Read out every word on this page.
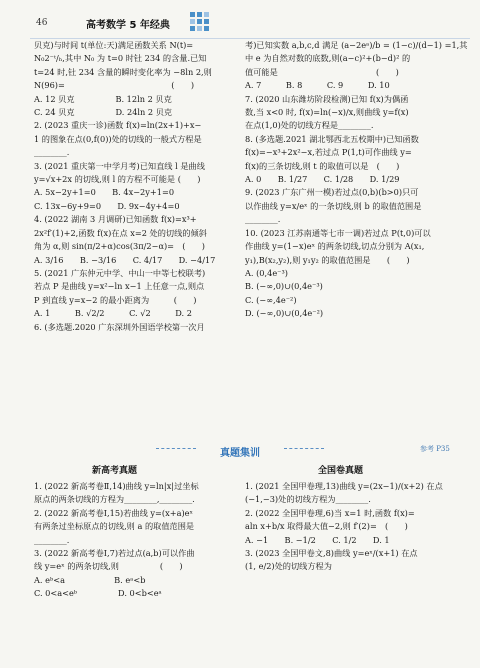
46	高考数学 5 年经典
贝克)与时间 t(单位:天)满足函数关系 N(t)=
N₀2⁻ᵗ/ₕ,其中 N₀ 为 t=0 时钍 234 的含量.已知
t=24 时,钍 234 含量的瞬时变化率为 −8ln 2,则
N(96)=　　　　　　　　　　　　　(　　)
A. 12 贝克　　　　　B. 12ln 2 贝克
C. 24 贝克　　　　　D. 24ln 2 贝克
2. (2023 重庆一诊)函数 f(x)=ln(2x+1)+x−
1 的图象在点(0,f(0))处的切线的一般式方程是
________.
3. (2021 重庆第一中学月考)已知直线 l 是曲线
y=√x+2x 的切线,则 l 的方程不可能是 (　　)
A. 5x−2y+1=0　　B. 4x−2y+1=0
C. 13x−6y+9=0　　D. 9x−4y+4=0
4. (2022 湖南 3 月调研)已知函数 f(x)=x³+
2x²f′(1)+2,函数 f(x)在点 x=2 处的切线的倾斜
角为 α,则 sin(π/2+α)cos(3π/2−α)=　(　　)
A. 3/16　　B. −3/16　　C. 4/17　　D. −4/17
5. (2021 广东仲元中学、中山一中等七校联考)
若点 P 是曲线 y=x²−ln x−1 上任意一点,则点
P 到直线 y=x−2 的最小距离为　　　(　　)
A. 1　　　B. √2/2　　　C. √2　　　D. 2
6. (多选题.2020 广东深圳外国语学校第一次月
考)已知实数 a,b,c,d 满足 (a−2eᵃ)/b = (1−c)/(d−1) =1,其
中 e 为自然对数的底数,则(a−c)²+(b−d)² 的
值可能是　　　　　　　　　　　　(　　)
A. 7　　　B. 8　　　C. 9　　　D. 10
7. (2020 山东潍坊阶段检测)已知 f(x)为偶函
数,当 x<0 时, f(x)=ln(−x)/x,则曲线 y=f(x)
在点(1,0)处的切线方程是________.
8. (多选题.2021 湖北鄂西北五校期中)已知函数
f(x)=−x³+2x²−x,若过点 P(1,t)可作曲线 y=
f(x)的三条切线,则 t 的取值可以是　(　　)
A. 0　　B. 1/27　　C. 1/28　　D. 1/29
9. (2023 广东广州一模)若过点(0,b)(b>0)只可
以作曲线 y=x/eˣ 的一条切线,则 b 的取值范围是
________.
10. (2023 江苏南通等七市一调)若过点 P(t,0)可以
作曲线 y=(1−x)eˣ 的两条切线,切点分别为 A(x₁,
y₁),B(x₂,y₂),则 y₁y₂ 的取值范围是　　(　　)
A. (0,4e⁻³)
B. (−∞,0)∪(0,4e⁻³)
C. (−∞,4e⁻²)
D. (−∞,0)∪(0,4e⁻²)
真题集训	参考 P35
新高考真题	全国卷真题
1. (2022 新高考卷Ⅱ,14)曲线 y=ln|x|过坐标
原点的两条切线的方程为________,________.
2. (2022 新高考卷Ⅰ,15)若曲线 y=(x+a)eˣ
有两条过坐标原点的切线,则 a 的取值范围是
________.
3. (2022 新高考卷Ⅰ,7)若过点(a,b)可以作曲
线 y=eˣ 的两条切线,则　　　　　(　　)
A. eᵇ<a　　　　　　B. eᵃ<b
C. 0<a<eᵇ　　　　　D. 0<b<eᵃ
1. (2021 全国甲卷理,13)曲线 y=(2x−1)/(x+2) 在点
(−1,−3)处的切线方程为________.
2. (2022 全国甲卷理,6)当 x=1 时,函数 f(x)=
aln x+b/x 取得最大值−2,则 f′(2)=　(　　)
A. −1　　B. −1/2　　C. 1/2　　D. 1
3. (2023 全国甲卷文,8)曲线 y=eˣ/(x+1) 在点
(1, e/2)处的切线方程为
